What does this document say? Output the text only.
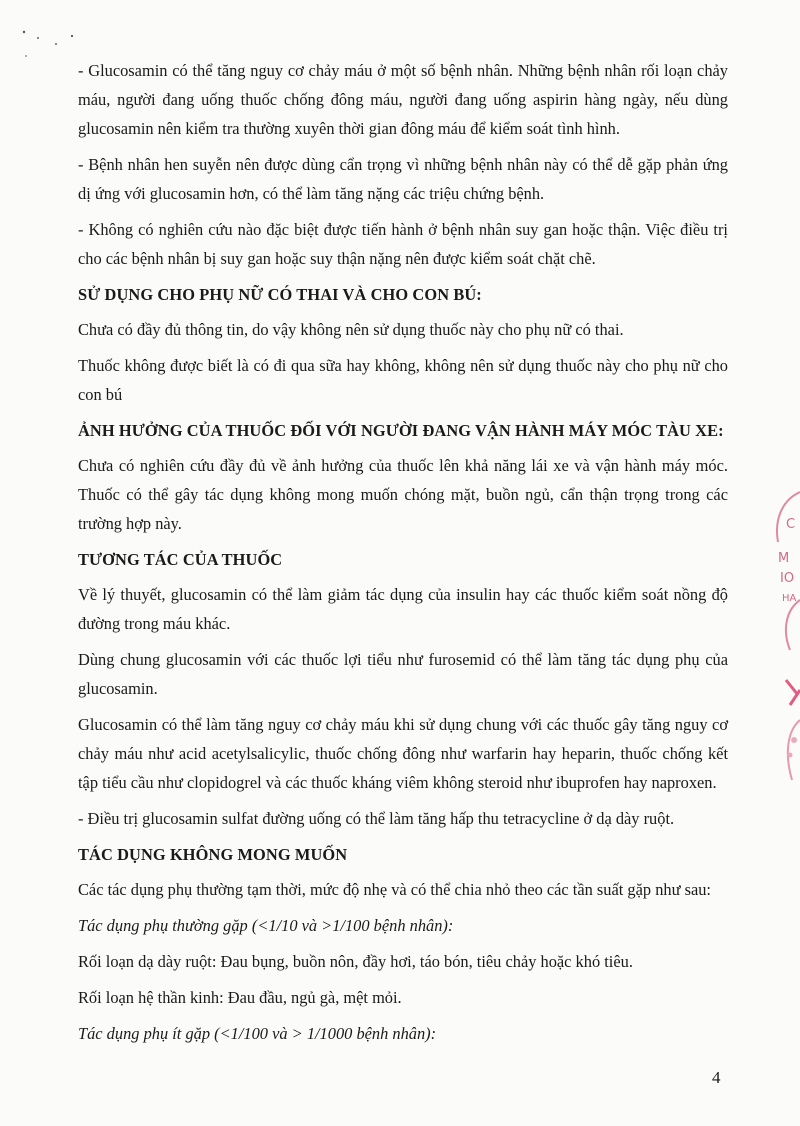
- Glucosamin có thể tăng nguy cơ chảy máu ở một số bệnh nhân. Những bệnh nhân rối loạn chảy máu, người đang uống thuốc chống đông máu, người đang uống aspirin hàng ngày, nếu dùng glucosamin nên kiểm tra thường xuyên thời gian đông máu để kiểm soát tình hình.

- Bệnh nhân hen suyễn nên được dùng cẩn trọng vì những bệnh nhân này có thể dễ gặp phản ứng dị ứng với glucosamin hơn, có thể làm tăng nặng các triệu chứng bệnh.

- Không có nghiên cứu nào đặc biệt được tiến hành ở bệnh nhân suy gan hoặc thận. Việc điều trị cho các bệnh nhân bị suy gan hoặc suy thận nặng nên được kiểm soát chặt chẽ.

SỬ DỤNG CHO PHỤ NỮ CÓ THAI VÀ CHO CON BÚ:

Chưa có đầy đủ thông tin, do vậy không nên sử dụng thuốc này cho phụ nữ có thai.

Thuốc không được biết là có đi qua sữa hay không, không nên sử dụng thuốc này cho phụ nữ cho con bú

ẢNH HƯỞNG CỦA THUỐC ĐỐI VỚI NGƯỜI ĐANG VẬN HÀNH MÁY MÓC TÀU XE:

Chưa có nghiên cứu đầy đủ về ảnh hưởng của thuốc lên khả năng lái xe và vận hành máy móc. Thuốc có thể gây tác dụng không mong muốn chóng mặt, buồn ngủ, cẩn thận trọng trong các trường hợp này.

TƯƠNG TÁC CỦA THUỐC

Về lý thuyết, glucosamin có thể làm giảm tác dụng của insulin hay các thuốc kiểm soát nồng độ đường trong máu khác.

Dùng chung glucosamin với các thuốc lợi tiểu như furosemid có thể làm tăng tác dụng phụ của glucosamin.

Glucosamin có thể làm tăng nguy cơ chảy máu khi sử dụng chung với các thuốc gây tăng nguy cơ chảy máu như acid acetylsalicylic, thuốc chống đông như warfarin hay heparin, thuốc chống kết tập tiểu cầu như clopidogrel và các thuốc kháng viêm không steroid như ibuprofen hay naproxen.

- Điều trị glucosamin sulfat đường uống có thể làm tăng hấp thu tetracycline ở dạ dày ruột.

TÁC DỤNG KHÔNG MONG MUỐN

Các tác dụng phụ thường tạm thời, mức độ nhẹ và có thể chia nhỏ theo các tần suất gặp như sau:

Tác dụng phụ thường gặp (<1/10 và >1/100 bệnh nhân):

Rối loạn dạ dày ruột: Đau bụng, buồn nôn, đầy hơi, táo bón, tiêu chảy hoặc khó tiêu.

Rối loạn hệ thần kinh: Đau đầu, ngủ gà, mệt mỏi.

Tác dụng phụ ít gặp (<1/100 và > 1/1000 bệnh nhân):

4
C
M
IO
HA
